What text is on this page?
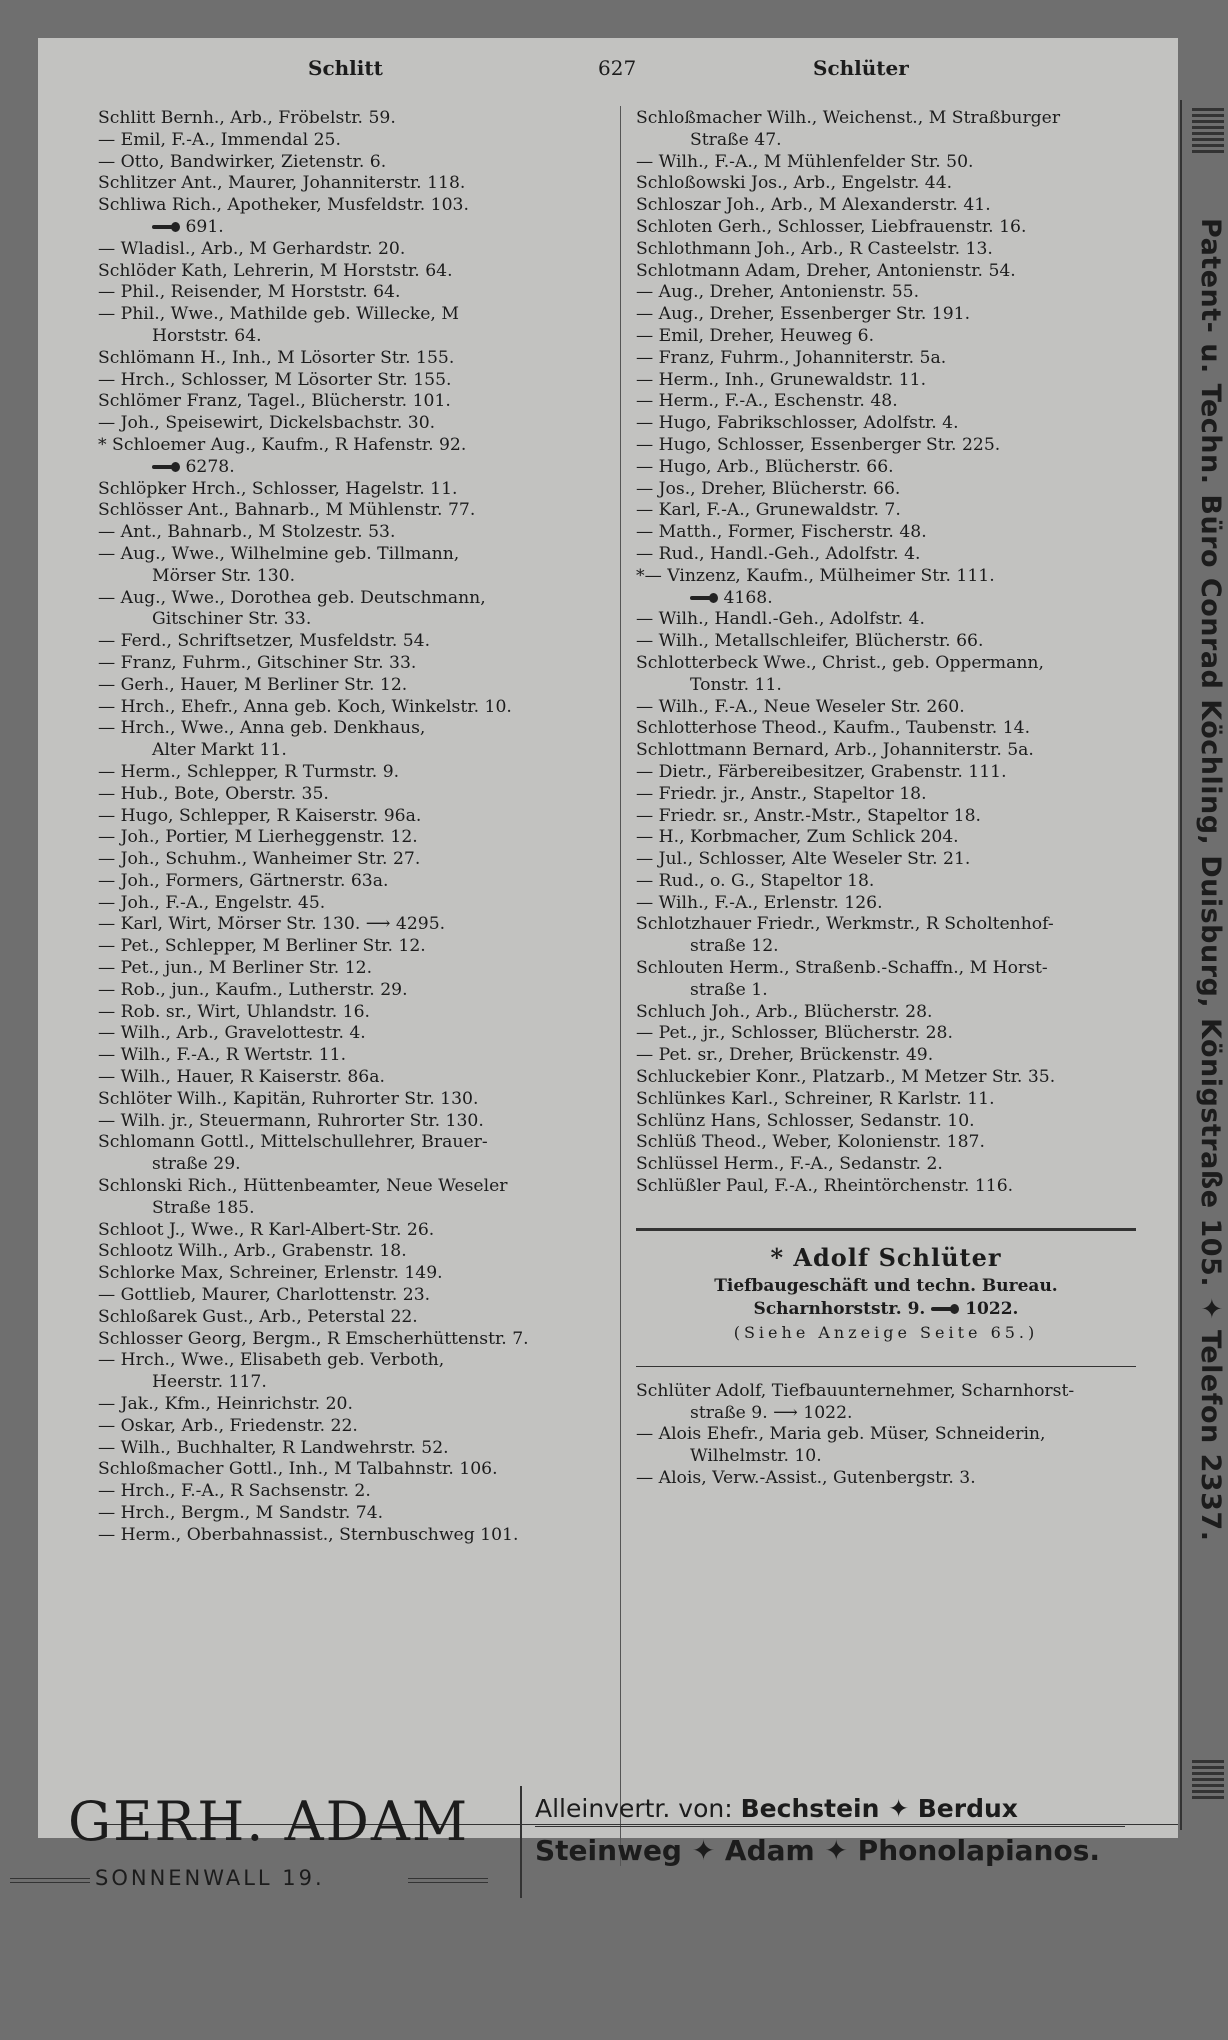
Schlitt	627	Schlüter
Schlitt Bernh., Arb., Fröbelstr. 59.
— Emil, F.-A., Immendal 25.
— Otto, Bandwirker, Zietenstr. 6.
Schlitzer Ant., Maurer, Johanniterstr. 118.
Schliwa Rich., Apotheker, Musfeldstr. 103.
691.
— Wladisl., Arb., M Gerhardstr. 20.
Schlöder Kath, Lehrerin, M Horststr. 64.
— Phil., Reisender, M Horststr. 64.
— Phil., Wwe., Mathilde geb. Willecke, M
Horststr. 64.
Schlömann H., Inh., M Lösorter Str. 155.
— Hrch., Schlosser, M Lösorter Str. 155.
Schlömer Franz, Tagel., Blücherstr. 101.
— Joh., Speisewirt, Dickelsbachstr. 30.
* Schloemer Aug., Kaufm., R Hafenstr. 92.
6278.
Schlöpker Hrch., Schlosser, Hagelstr. 11.
Schlösser Ant., Bahnarb., M Mühlenstr. 77.
— Ant., Bahnarb., M Stolzestr. 53.
— Aug., Wwe., Wilhelmine geb. Tillmann,
Mörser Str. 130.
— Aug., Wwe., Dorothea geb. Deutschmann,
Gitschiner Str. 33.
— Ferd., Schriftsetzer, Musfeldstr. 54.
— Franz, Fuhrm., Gitschiner Str. 33.
— Gerh., Hauer, M Berliner Str. 12.
— Hrch., Ehefr., Anna geb. Koch, Winkelstr. 10.
— Hrch., Wwe., Anna geb. Denkhaus,
Alter Markt 11.
— Herm., Schlepper, R Turmstr. 9.
— Hub., Bote, Oberstr. 35.
— Hugo, Schlepper, R Kaiserstr. 96a.
— Joh., Portier, M Lierheggenstr. 12.
— Joh., Schuhm., Wanheimer Str. 27.
— Joh., Formers, Gärtnerstr. 63a.
— Joh., F.-A., Engelstr. 45.
— Karl, Wirt, Mörser Str. 130. ⟶ 4295.
— Pet., Schlepper, M Berliner Str. 12.
— Pet., jun., M Berliner Str. 12.
— Rob., jun., Kaufm., Lutherstr. 29.
— Rob. sr., Wirt, Uhlandstr. 16.
— Wilh., Arb., Gravelottestr. 4.
— Wilh., F.-A., R Wertstr. 11.
— Wilh., Hauer, R Kaiserstr. 86a.
Schlöter Wilh., Kapitän, Ruhrorter Str. 130.
— Wilh. jr., Steuermann, Ruhrorter Str. 130.
Schlomann Gottl., Mittelschullehrer, Brauer-
straße 29.
Schlonski Rich., Hüttenbeamter, Neue Weseler
Straße 185.
Schloot J., Wwe., R Karl-Albert-Str. 26.
Schlootz Wilh., Arb., Grabenstr. 18.
Schlorke Max, Schreiner, Erlenstr. 149.
— Gottlieb, Maurer, Charlottenstr. 23.
Schloßarek Gust., Arb., Peterstal 22.
Schlosser Georg, Bergm., R Emscherhüttenstr. 7.
— Hrch., Wwe., Elisabeth geb. Verboth,
Heerstr. 117.
— Jak., Kfm., Heinrichstr. 20.
— Oskar, Arb., Friedenstr. 22.
— Wilh., Buchhalter, R Landwehrstr. 52.
Schloßmacher Gottl., Inh., M Talbahnstr. 106.
— Hrch., F.-A., R Sachsenstr. 2.
— Hrch., Bergm., M Sandstr. 74.
— Herm., Oberbahnassist., Sternbuschweg 101.
Schloßmacher Wilh., Weichenst., M Straßburger
Straße 47.
— Wilh., F.-A., M Mühlenfelder Str. 50.
Schloßowski Jos., Arb., Engelstr. 44.
Schloszar Joh., Arb., M Alexanderstr. 41.
Schloten Gerh., Schlosser, Liebfrauenstr. 16.
Schlothmann Joh., Arb., R Casteelstr. 13.
Schlotmann Adam, Dreher, Antonienstr. 54.
— Aug., Dreher, Antonienstr. 55.
— Aug., Dreher, Essenberger Str. 191.
— Emil, Dreher, Heuweg 6.
— Franz, Fuhrm., Johanniterstr. 5a.
— Herm., Inh., Grunewaldstr. 11.
— Herm., F.-A., Eschenstr. 48.
— Hugo, Fabrikschlosser, Adolfstr. 4.
— Hugo, Schlosser, Essenberger Str. 225.
— Hugo, Arb., Blücherstr. 66.
— Jos., Dreher, Blücherstr. 66.
— Karl, F.-A., Grunewaldstr. 7.
— Matth., Former, Fischerstr. 48.
— Rud., Handl.-Geh., Adolfstr. 4.
*— Vinzenz, Kaufm., Mülheimer Str. 111.
4168.
— Wilh., Handl.-Geh., Adolfstr. 4.
— Wilh., Metallschleifer, Blücherstr. 66.
Schlotterbeck Wwe., Christ., geb. Oppermann,
Tonstr. 11.
— Wilh., F.-A., Neue Weseler Str. 260.
Schlotterhose Theod., Kaufm., Taubenstr. 14.
Schlottmann Bernard, Arb., Johanniterstr. 5a.
— Dietr., Färbereibesitzer, Grabenstr. 111.
— Friedr. jr., Anstr., Stapeltor 18.
— Friedr. sr., Anstr.-Mstr., Stapeltor 18.
— H., Korbmacher, Zum Schlick 204.
— Jul., Schlosser, Alte Weseler Str. 21.
— Rud., o. G., Stapeltor 18.
— Wilh., F.-A., Erlenstr. 126.
Schlotzhauer Friedr., Werkmstr., R Scholtenhof-
straße 12.
Schlouten Herm., Straßenb.-Schaffn., M Horst-
straße 1.
Schluch Joh., Arb., Blücherstr. 28.
— Pet., jr., Schlosser, Blücherstr. 28.
— Pet. sr., Dreher, Brückenstr. 49.
Schluckebier Konr., Platzarb., M Metzer Str. 35.
Schlünkes Karl., Schreiner, R Karlstr. 11.
Schlünz Hans, Schlosser, Sedanstr. 10.
Schlüß Theod., Weber, Kolonienstr. 187.
Schlüssel Herm., F.-A., Sedanstr. 2.
Schlüßler Paul, F.-A., Rheintörchenstr. 116.
* Adolf Schlüter
Tiefbaugeschäft und techn. Bureau.
Scharnhorststr. 9. 1022.
(Siehe Anzeige Seite 65.)
Schlüter Adolf, Tiefbauunternehmer, Scharnhorst-
straße 9. ⟶ 1022.
— Alois Ehefr., Maria geb. Müser, Schneiderin,
Wilhelmstr. 10.
— Alois, Verw.-Assist., Gutenbergstr. 3.	Patent- u. Techn. Büro Conrad Köchling, Duisburg, Königstraße 105. ✦ Telefon 2337.
GERH. ADAM
SONNENWALL 19.
Alleinvertr. von: Bechstein ✦ Berdux
Steinweg ✦ Adam ✦ Phonolapianos.
